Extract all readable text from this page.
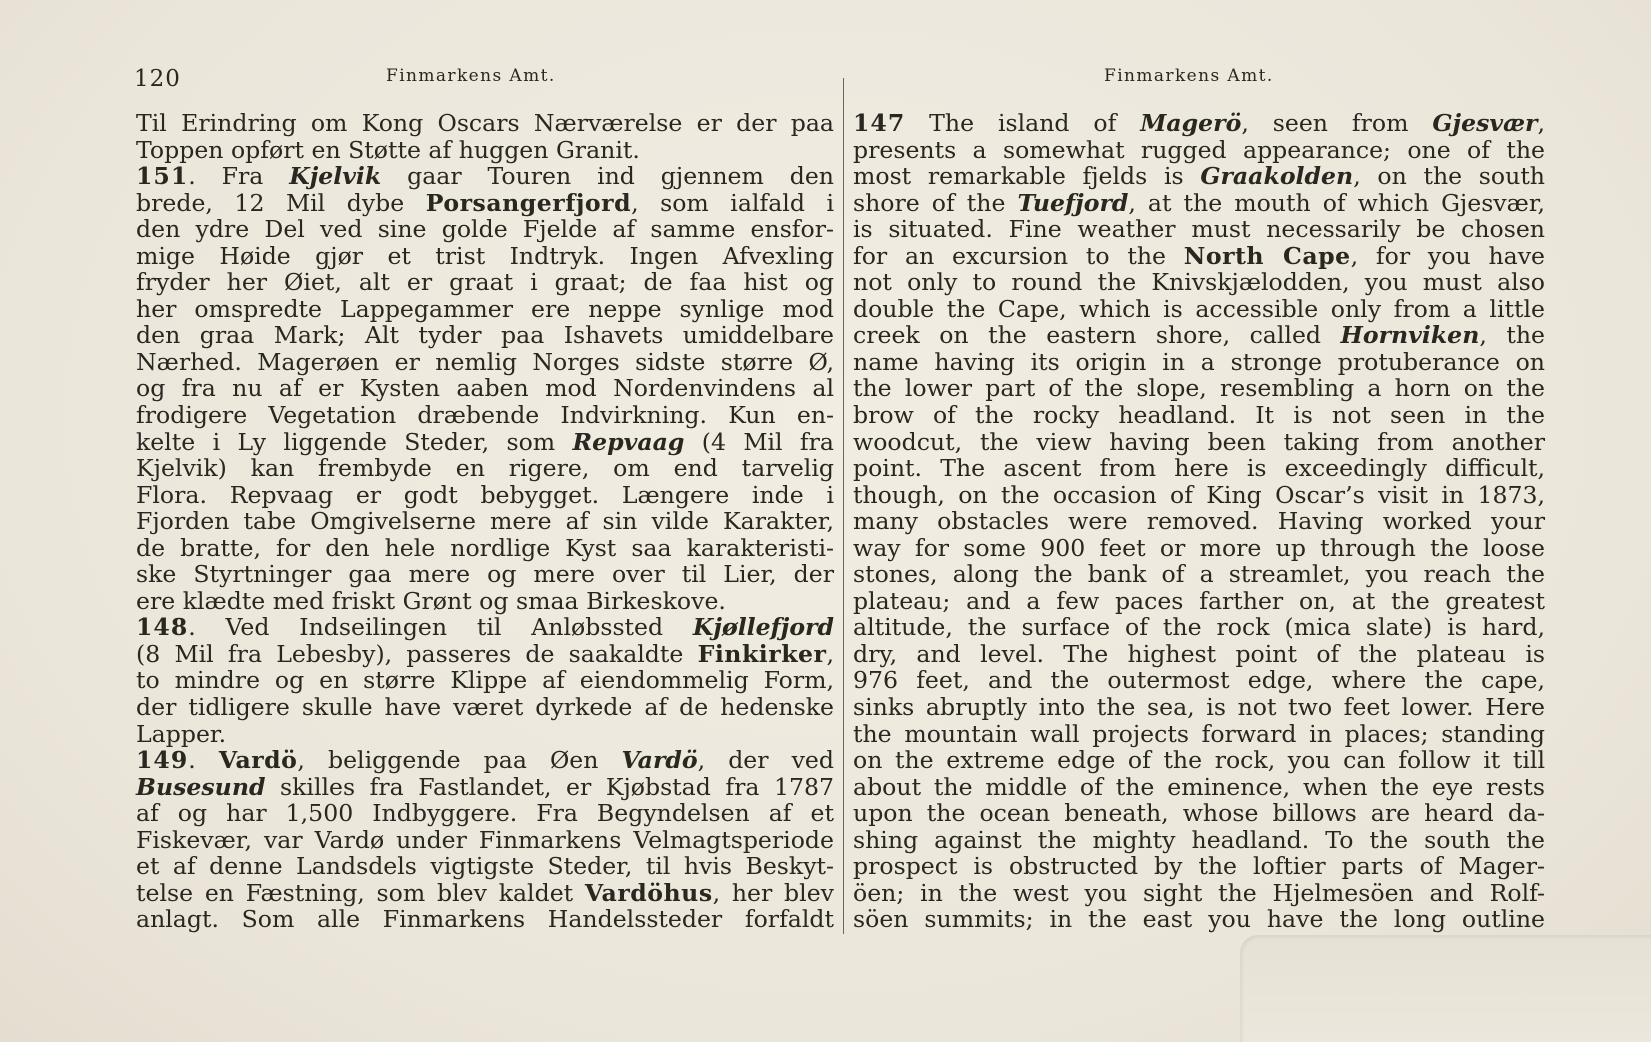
120	Finmarkens Amt.	Finmarkens Amt.
Til Erindring om Kong Oscars Nærværelse er der paa
Toppen opført en Støtte af huggen Granit.
151. Fra Kjelvik gaar Touren ind gjennem den
brede, 12 Mil dybe Porsangerfjord, som ialfald i
den ydre Del ved sine golde Fjelde af samme ensfor-
mige Høide gjør et trist Indtryk. Ingen Afvexling
fryder her Øiet, alt er graat i graat; de faa hist og
her omspredte Lappegammer ere neppe synlige mod
den graa Mark; Alt tyder paa Ishavets umiddelbare
Nærhed. Magerøen er nemlig Norges sidste større Ø,
og fra nu af er Kysten aaben mod Nordenvindens al
frodigere Vegetation dræbende Indvirkning. Kun en-
kelte i Ly liggende Steder, som Repvaag (4 Mil fra
Kjelvik) kan frembyde en rigere, om end tarvelig
Flora. Repvaag er godt bebygget. Længere inde i
Fjorden tabe Omgivelserne mere af sin vilde Karakter,
de bratte, for den hele nordlige Kyst saa karakteristi-
ske Styrtninger gaa mere og mere over til Lier, der
ere klædte med friskt Grønt og smaa Birkeskove.
148. Ved Indseilingen til Anløbssted Kjøllefjord
(8 Mil fra Lebesby), passeres de saakaldte Finkirker,
to mindre og en større Klippe af eiendommelig Form,
der tidligere skulle have været dyrkede af de hedenske
Lapper.
149. Vardö, beliggende paa Øen Vardö, der ved
Busesund skilles fra Fastlandet, er Kjøbstad fra 1787
af og har 1,500 Indbyggere. Fra Begyndelsen af et
Fiskevær, var Vardø under Finmarkens Velmagtsperiode
et af denne Landsdels vigtigste Steder, til hvis Beskyt-
telse en Fæstning, som blev kaldet Vardöhus, her blev
anlagt. Som alle Finmarkens Handelssteder forfaldt
147 The island of Magerö, seen from Gjesvær,
presents a somewhat rugged appearance; one of the
most remarkable fjelds is Graakolden, on the south
shore of the Tuefjord, at the mouth of which Gjesvær,
is situated. Fine weather must necessarily be chosen
for an excursion to the North Cape, for you have
not only to round the Knivskjælodden, you must also
double the Cape, which is accessible only from a little
creek on the eastern shore, called Hornviken, the
name having its origin in a stronge protuberance on
the lower part of the slope, resembling a horn on the
brow of the rocky headland. It is not seen in the
woodcut, the view having been taking from another
point. The ascent from here is exceedingly difficult,
though, on the occasion of King Oscar’s visit in 1873,
many obstacles were removed. Having worked your
way for some 900 feet or more up through the loose
stones, along the bank of a streamlet, you reach the
plateau; and a few paces farther on, at the greatest
altitude, the surface of the rock (mica slate) is hard,
dry, and level. The highest point of the plateau is
976 feet, and the outermost edge, where the cape,
sinks abruptly into the sea, is not two feet lower. Here
the mountain wall projects forward in places; standing
on the extreme edge of the rock, you can follow it till
about the middle of the eminence, when the eye rests
upon the ocean beneath, whose billows are heard da-
shing against the mighty headland. To the south the
prospect is obstructed by the loftier parts of Mager-
öen; in the west you sight the Hjelmesöen and Rolf-
söen summits; in the east you have the long outline
